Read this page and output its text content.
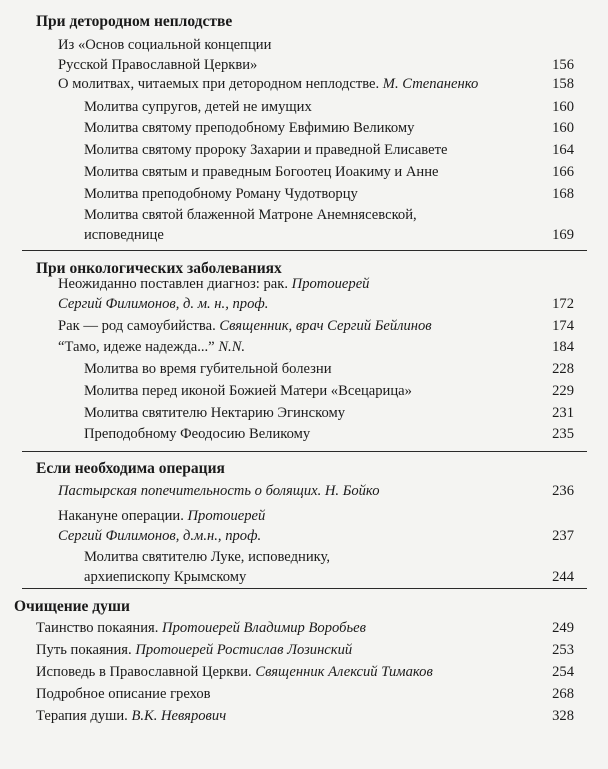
При детородном неплодстве
Из «Основ социальной концепции
Русской Православной Церкви»	156
О молитвах, читаемых при детородном неплодстве. М. Степаненко	158
Молитва супругов, детей не имущих	160
Молитва святому преподобному Евфимию Великому	160
Молитва святому пророку Захарии и праведной Елисавете	164
Молитва святым и праведным Богоотец Иоакиму и Анне	166
Молитва преподобному Роману Чудотворцу	168
Молитва святой блаженной Матроне Анемнясевской,
исповеднице	169
При онкологических заболеваниях
Неожиданно поставлен диагноз: рак. Протоиерей
Сергий Филимонов, д. м. н., проф.	172
Рак — род самоубийства. Священник, врач Сергий Бейлинов	174
“Тамо, идеже надежда...” N.N.	184
Молитва во время губительной болезни	228
Молитва перед иконой Божией Матери «Всецарица»	229
Молитва святителю Нектарию Эгинскому	231
Преподобному Феодосию Великому	235
Если необходима операция
Пастырская попечительность о болящих. Н. Бойко	236
Накануне операции. Протоиерей
Сергий Филимонов, д.м.н., проф.	237
Молитва святителю Луке, исповеднику,
архиепископу Крымскому	244
Очищение души
Таинство покаяния. Протоиерей Владимир Воробьев	249
Путь покаяния. Протоиерей Ростислав Лозинский	253
Исповедь в Православной Церкви. Священник Алексий Тимаков	254
Подробное описание грехов	268
Терапия души. В.К. Невярович	328
